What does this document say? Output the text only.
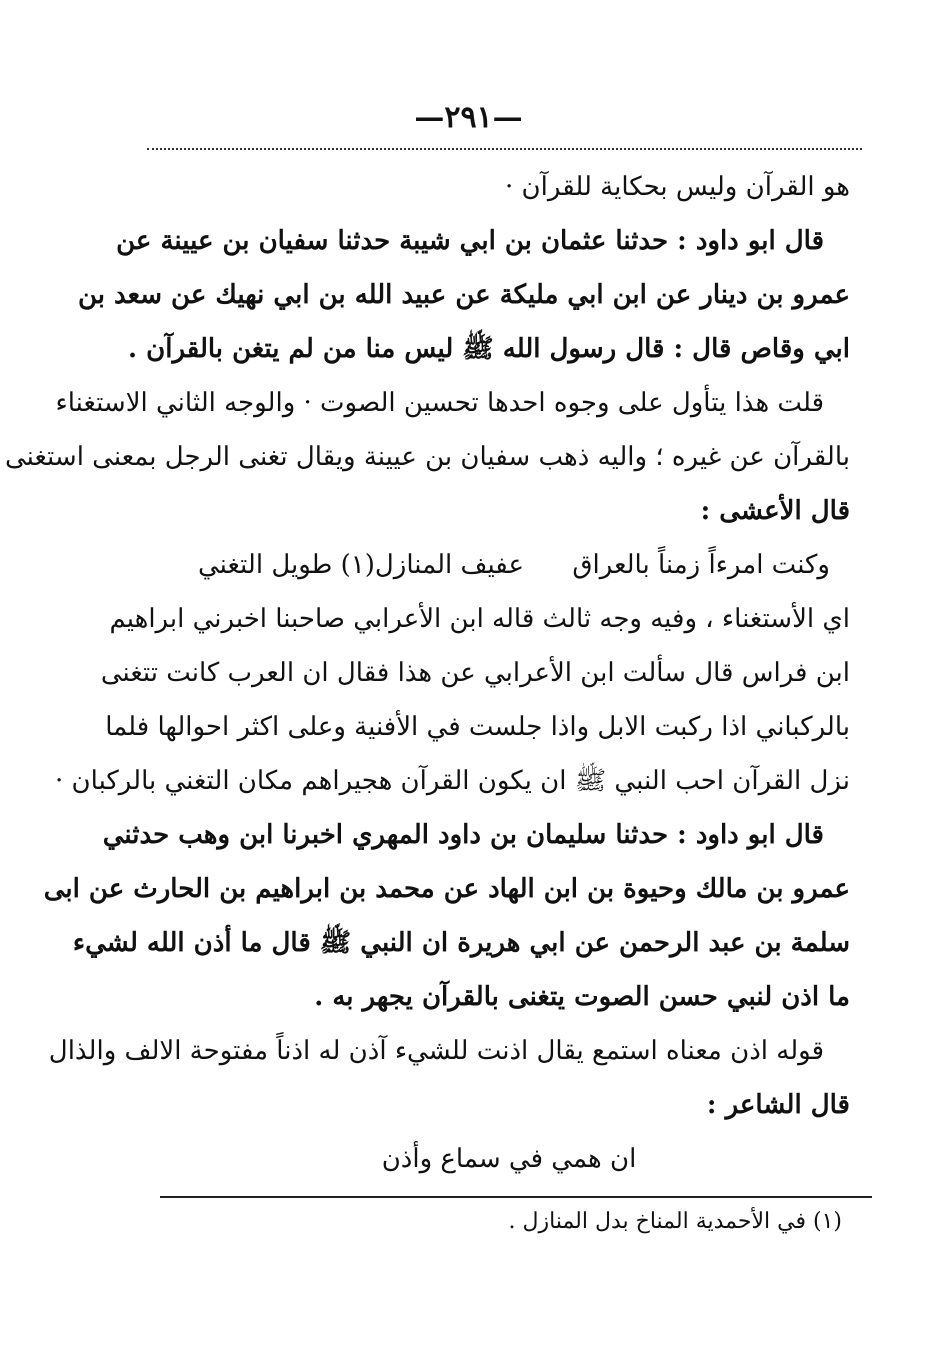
—٢٩١—
هو القرآن وليس بحكاية للقرآن ·
قال ابو داود : حدثنا عثمان بن ابي شيبة حدثنا سفيان بن عيينة عن
عمرو بن دينار عن ابن ابي مليكة عن عبيد الله بن ابي نهيك عن سعد بن
ابي وقاص قال : قال رسول الله ﷺ ليس منا من لم يتغن بالقرآن .
قلت هذا يتأول على وجوه احدها تحسين الصوت · والوجه الثاني الاستغناء
بالقرآن عن غيره ؛ واليه ذهب سفيان بن عيينة ويقال تغنى الرجل بمعنى استغنى
قال الأعشى :
وكنت امرءاً زمناً بالعراق
عفيف المنازل(١) طويل التغني
اي الأستغناء ، وفيه وجه ثالث قاله ابن الأعرابي صاحبنا اخبرني ابراهيم
ابن فراس قال سألت ابن الأعرابي عن هذا فقال ان العرب كانت تتغنى
بالركباني اذا ركبت الابل واذا جلست في الأفنية وعلى اكثر احوالها فلما
نزل القرآن احب النبي ﷺ ان يكون القرآن هجيراهم مكان التغني بالركبان ·
قال ابو داود : حدثنا سليمان بن داود المهري اخبرنا ابن وهب حدثني
عمرو بن مالك وحيوة بن ابن الهاد عن محمد بن ابراهيم بن الحارث عن ابى
سلمة بن عبد الرحمن عن ابي هريرة ان النبي ﷺ قال ما أذن الله لشيء
ما اذن لنبي حسن الصوت يتغنى بالقرآن يجهر به .
قوله اذن معناه استمع يقال اذنت للشيء آذن له اذناً مفتوحة الالف والذال
قال الشاعر :
ان همي في سماع وأذن
(١) في الأحمدية المناخ بدل المنازل .
